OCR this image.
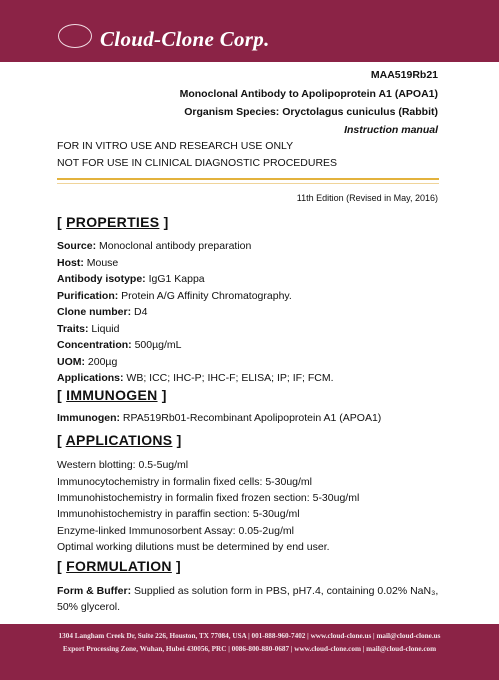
Cloud-Clone Corp.
MAA519Rb21
Monoclonal Antibody to Apolipoprotein A1 (APOA1)
Organism Species: Oryctolagus cuniculus (Rabbit)
Instruction manual
FOR IN VITRO USE AND RESEARCH USE ONLY
NOT FOR USE IN CLINICAL DIAGNOSTIC PROCEDURES
11th Edition (Revised in May, 2016)
[ PROPERTIES ]
Source: Monoclonal antibody preparation
Host: Mouse
Antibody isotype: IgG1 Kappa
Purification: Protein A/G Affinity Chromatography.
Clone number: D4
Traits: Liquid
Concentration: 500µg/mL
UOM: 200µg
Applications: WB; ICC; IHC-P; IHC-F; ELISA; IP; IF; FCM.
[ IMMUNOGEN ]
Immunogen: RPA519Rb01-Recombinant Apolipoprotein A1 (APOA1)
[ APPLICATIONS ]
Western blotting: 0.5-5ug/ml
Immunocytochemistry in formalin fixed cells: 5-30ug/ml
Immunohistochemistry in formalin fixed frozen section: 5-30ug/ml
Immunohistochemistry in paraffin section: 5-30ug/ml
Enzyme-linked Immunosorbent Assay: 0.05-2ug/ml
Optimal working dilutions must be determined by end user.
[ FORMULATION ]
Form & Buffer: Supplied as solution form in PBS, pH7.4, containing 0.02% NaN₃,
50% glycerol.
1304 Langham Creek Dr, Suite 226, Houston, TX 77084, USA | 001-888-960-7402 | www.cloud-clone.us | mail@cloud-clone.us
Export Processing Zone, Wuhan, Hubei 430056, PRC | 0086-800-880-0687 | www.cloud-clone.com | mail@cloud-clone.com
